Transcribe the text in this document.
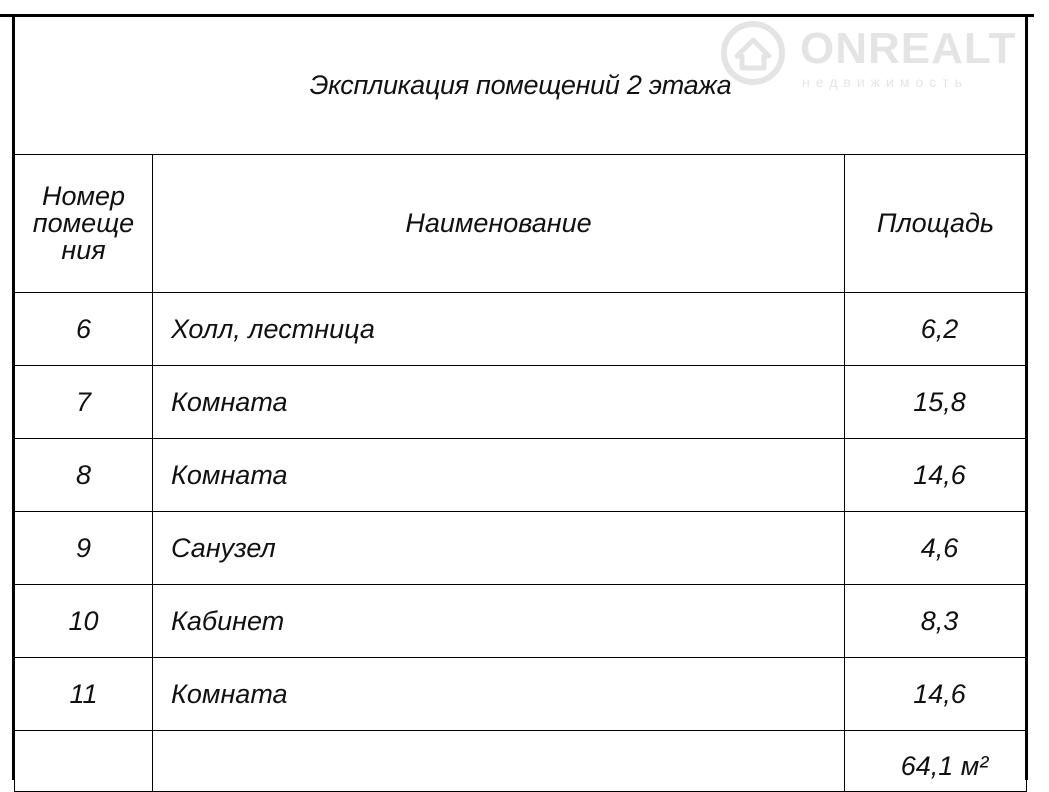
Экспликация помещений 2 этажа		
Номер
помеще
ния	Наименование	Площадь
6	Холл, лестница	6,2
7	Комната	15,8
8	Комната	14,6
9	Санузел	4,6
10	Кабинет	8,3
11	Комната	14,6

		64,1 м²
ONREALT
недвижимость
